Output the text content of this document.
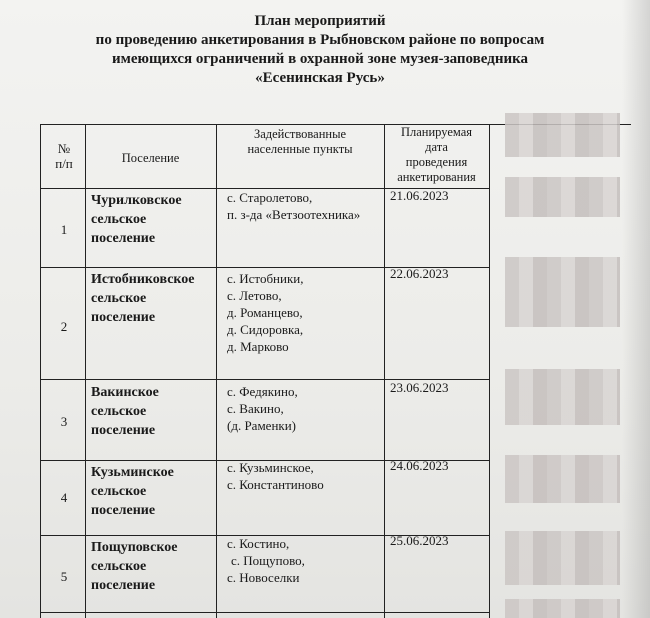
План мероприятий
по проведению анкетирования в Рыбновском районе по вопросам
имеющихся ограничений в охранной зоне музея-заповедника
«Есенинская Русь»
№
п/п	Поселение
Задействованные
населенные пункты
Планируемая
дата
проведения
анкетирования
1
Чурилковское
сельское
поселение
с. Старолетово,
п. з-да «Ветзоотехника»
21.06.2023
2
Истобниковское
сельское
поселение
с. Истобники,
с. Летово,
д. Романцево,
д. Сидоровка,
д. Марково
22.06.2023
3
Вакинское
сельское
поселение
с. Федякино,
с. Вакино,
(д. Раменки)
23.06.2023
4
Кузьминское
сельское
поселение
с. Кузьминское,
с. Константиново
24.06.2023
5
Пощуповское
сельское
поселение
с. Костино,
с. Пощупово,
с. Новоселки
25.06.2023
